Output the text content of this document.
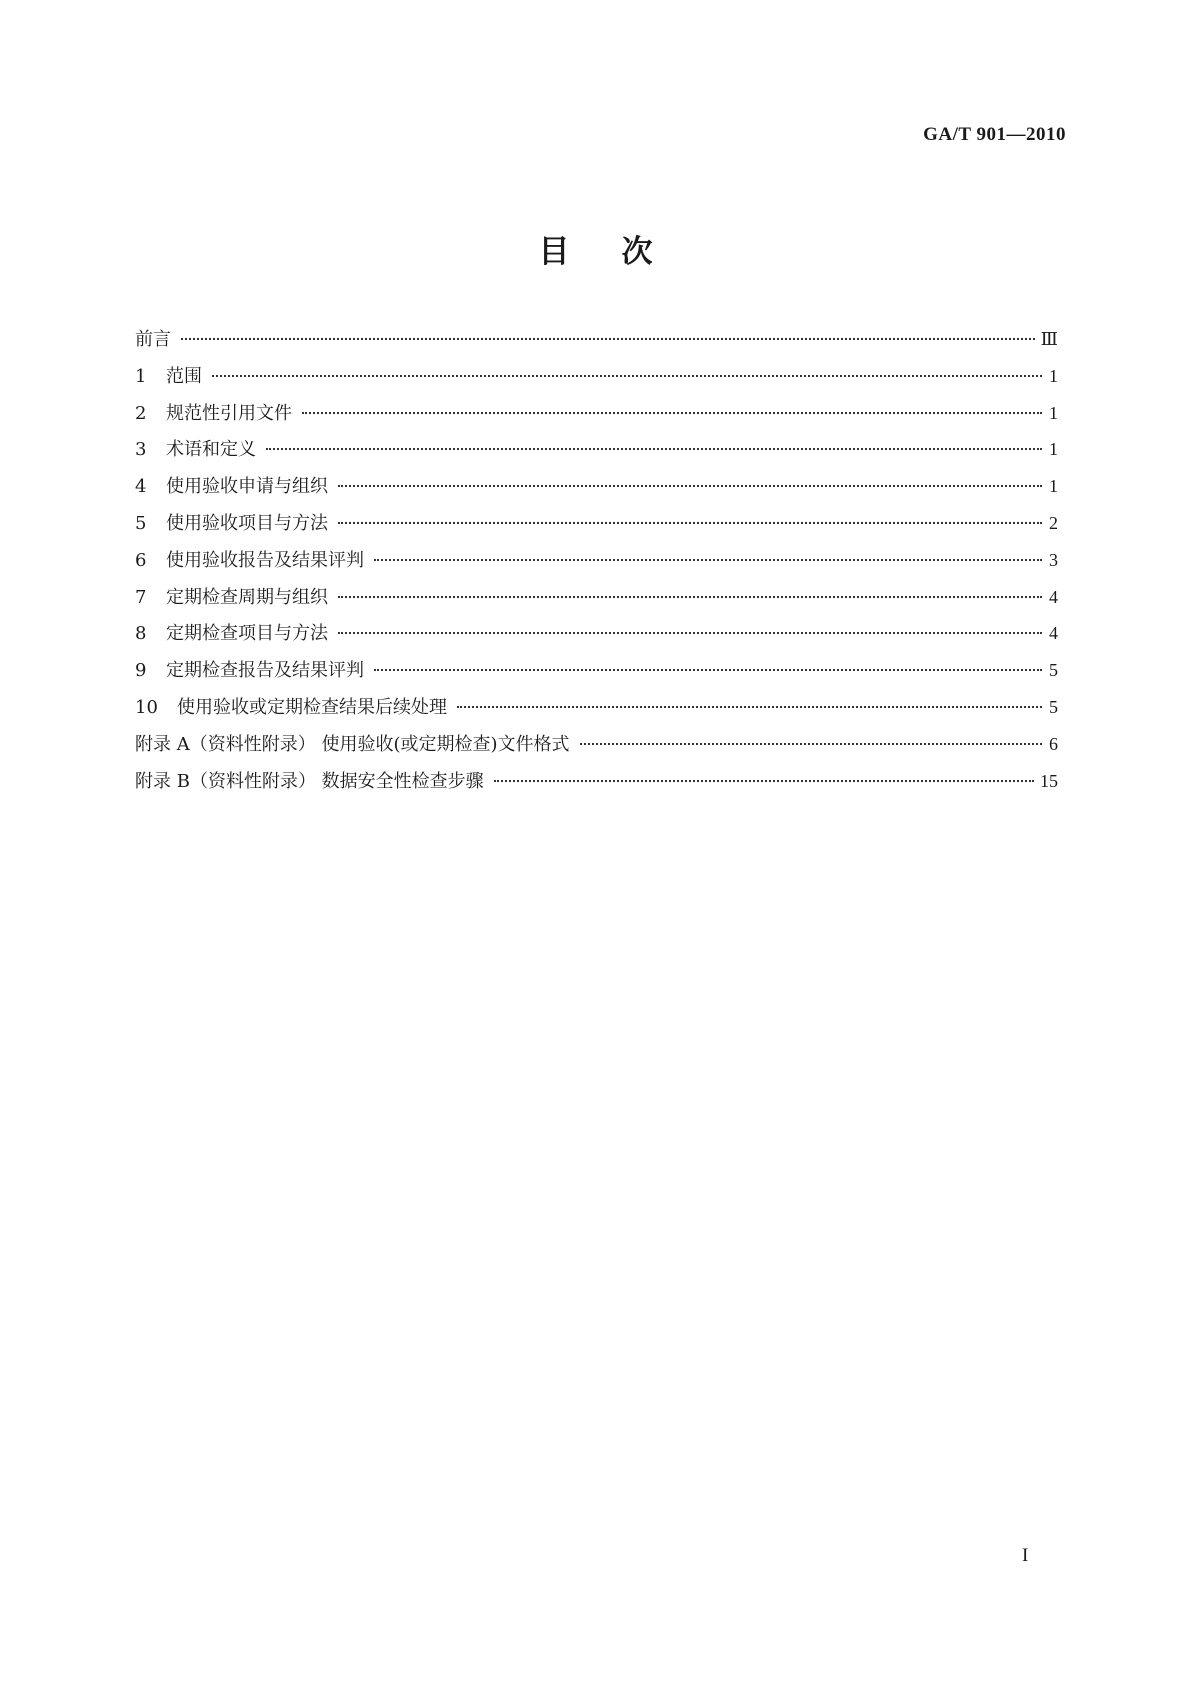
GA/T 901—2010
目次
前言	Ⅲ
1	范围	1
2	规范性引用文件	1
3	术语和定义	1
4	使用验收申请与组织	1
5	使用验收项目与方法	2
6	使用验收报告及结果评判	3
7	定期检查周期与组织	4
8	定期检查项目与方法	4
9	定期检查报告及结果评判	5
10	使用验收或定期检查结果后续处理	5
附录 A（资料性附录） 使用验收(或定期检查)文件格式	6
附录 B（资料性附录） 数据安全性检查步骤	15
I
